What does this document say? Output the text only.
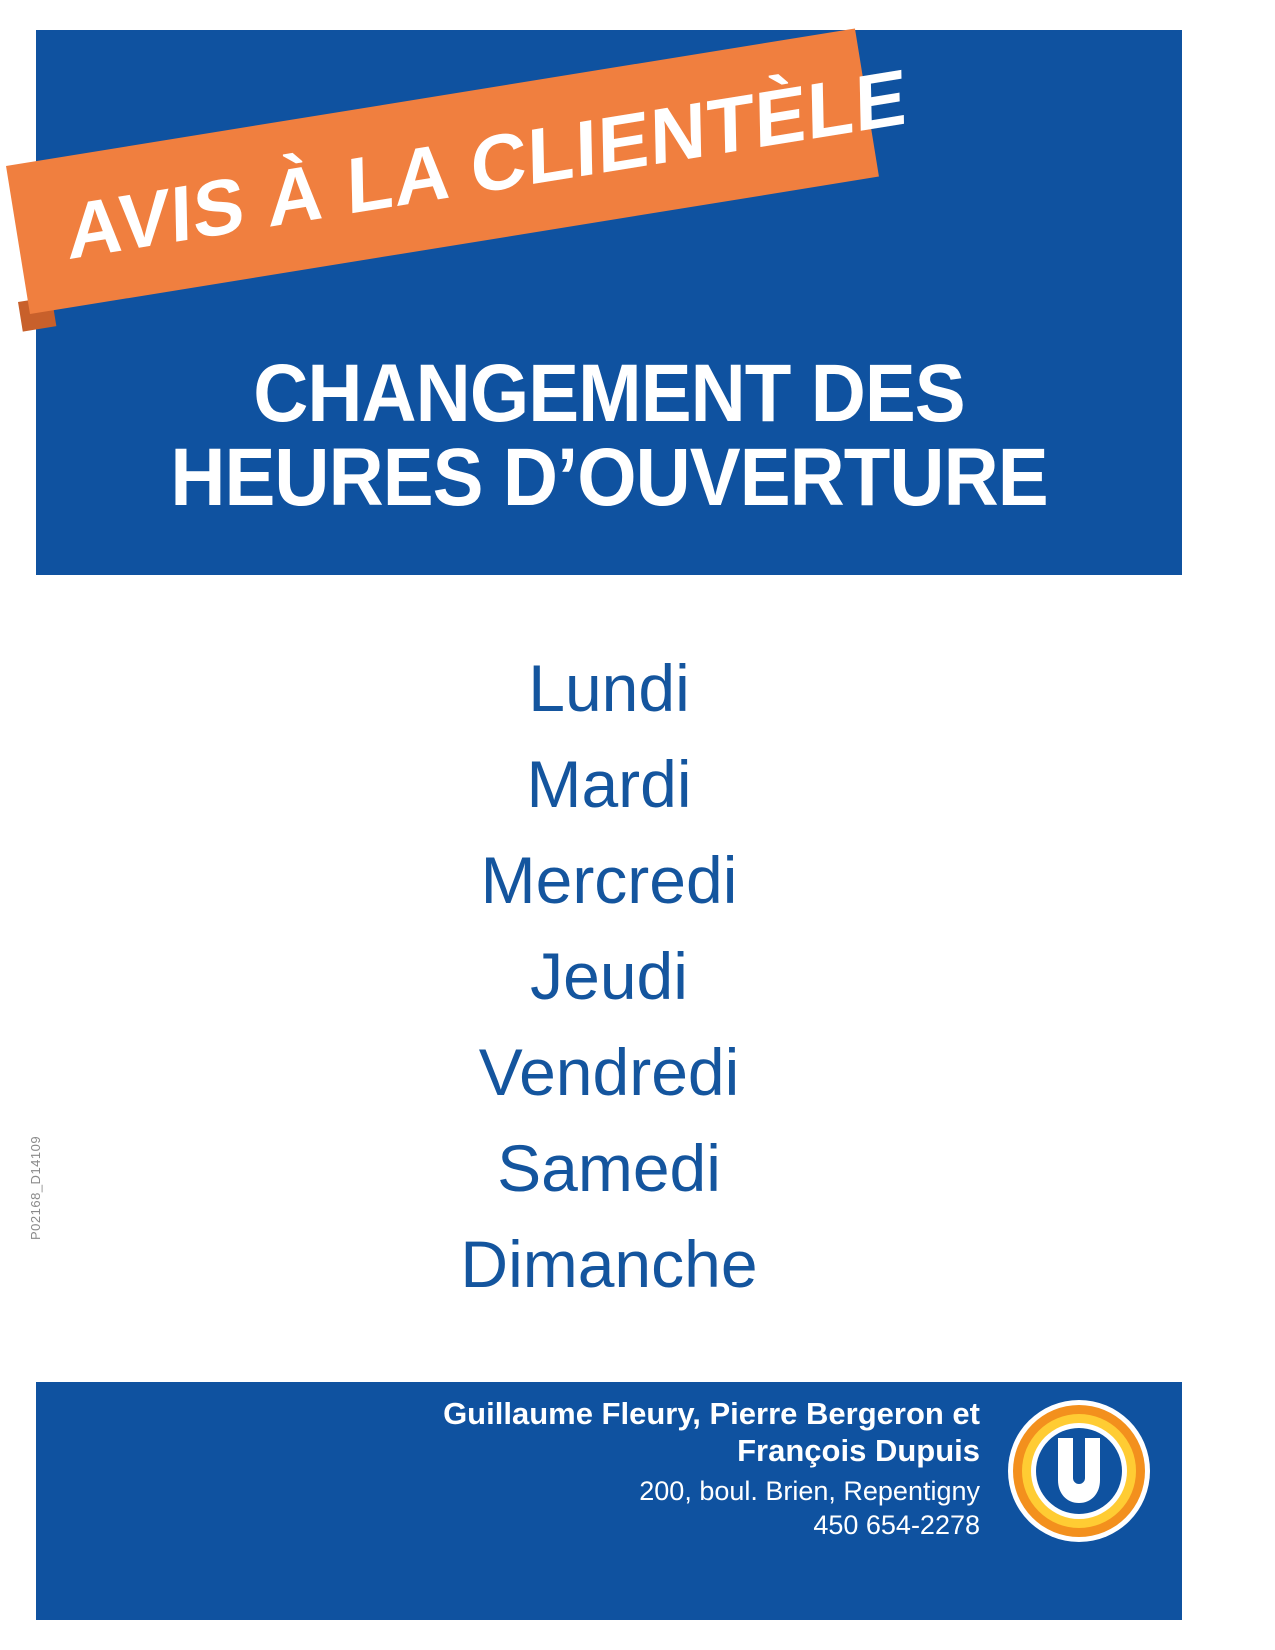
AVIS À LA CLIENTÈLE
CHANGEMENT DES
HEURES D’OUVERTURE
Lundi
Mardi
Mercredi
Jeudi
Vendredi
Samedi
Dimanche
P02168_D14109
Guillaume Fleury, Pierre Bergeron et
François Dupuis
200, boul. Brien, Repentigny
450 654-2278
